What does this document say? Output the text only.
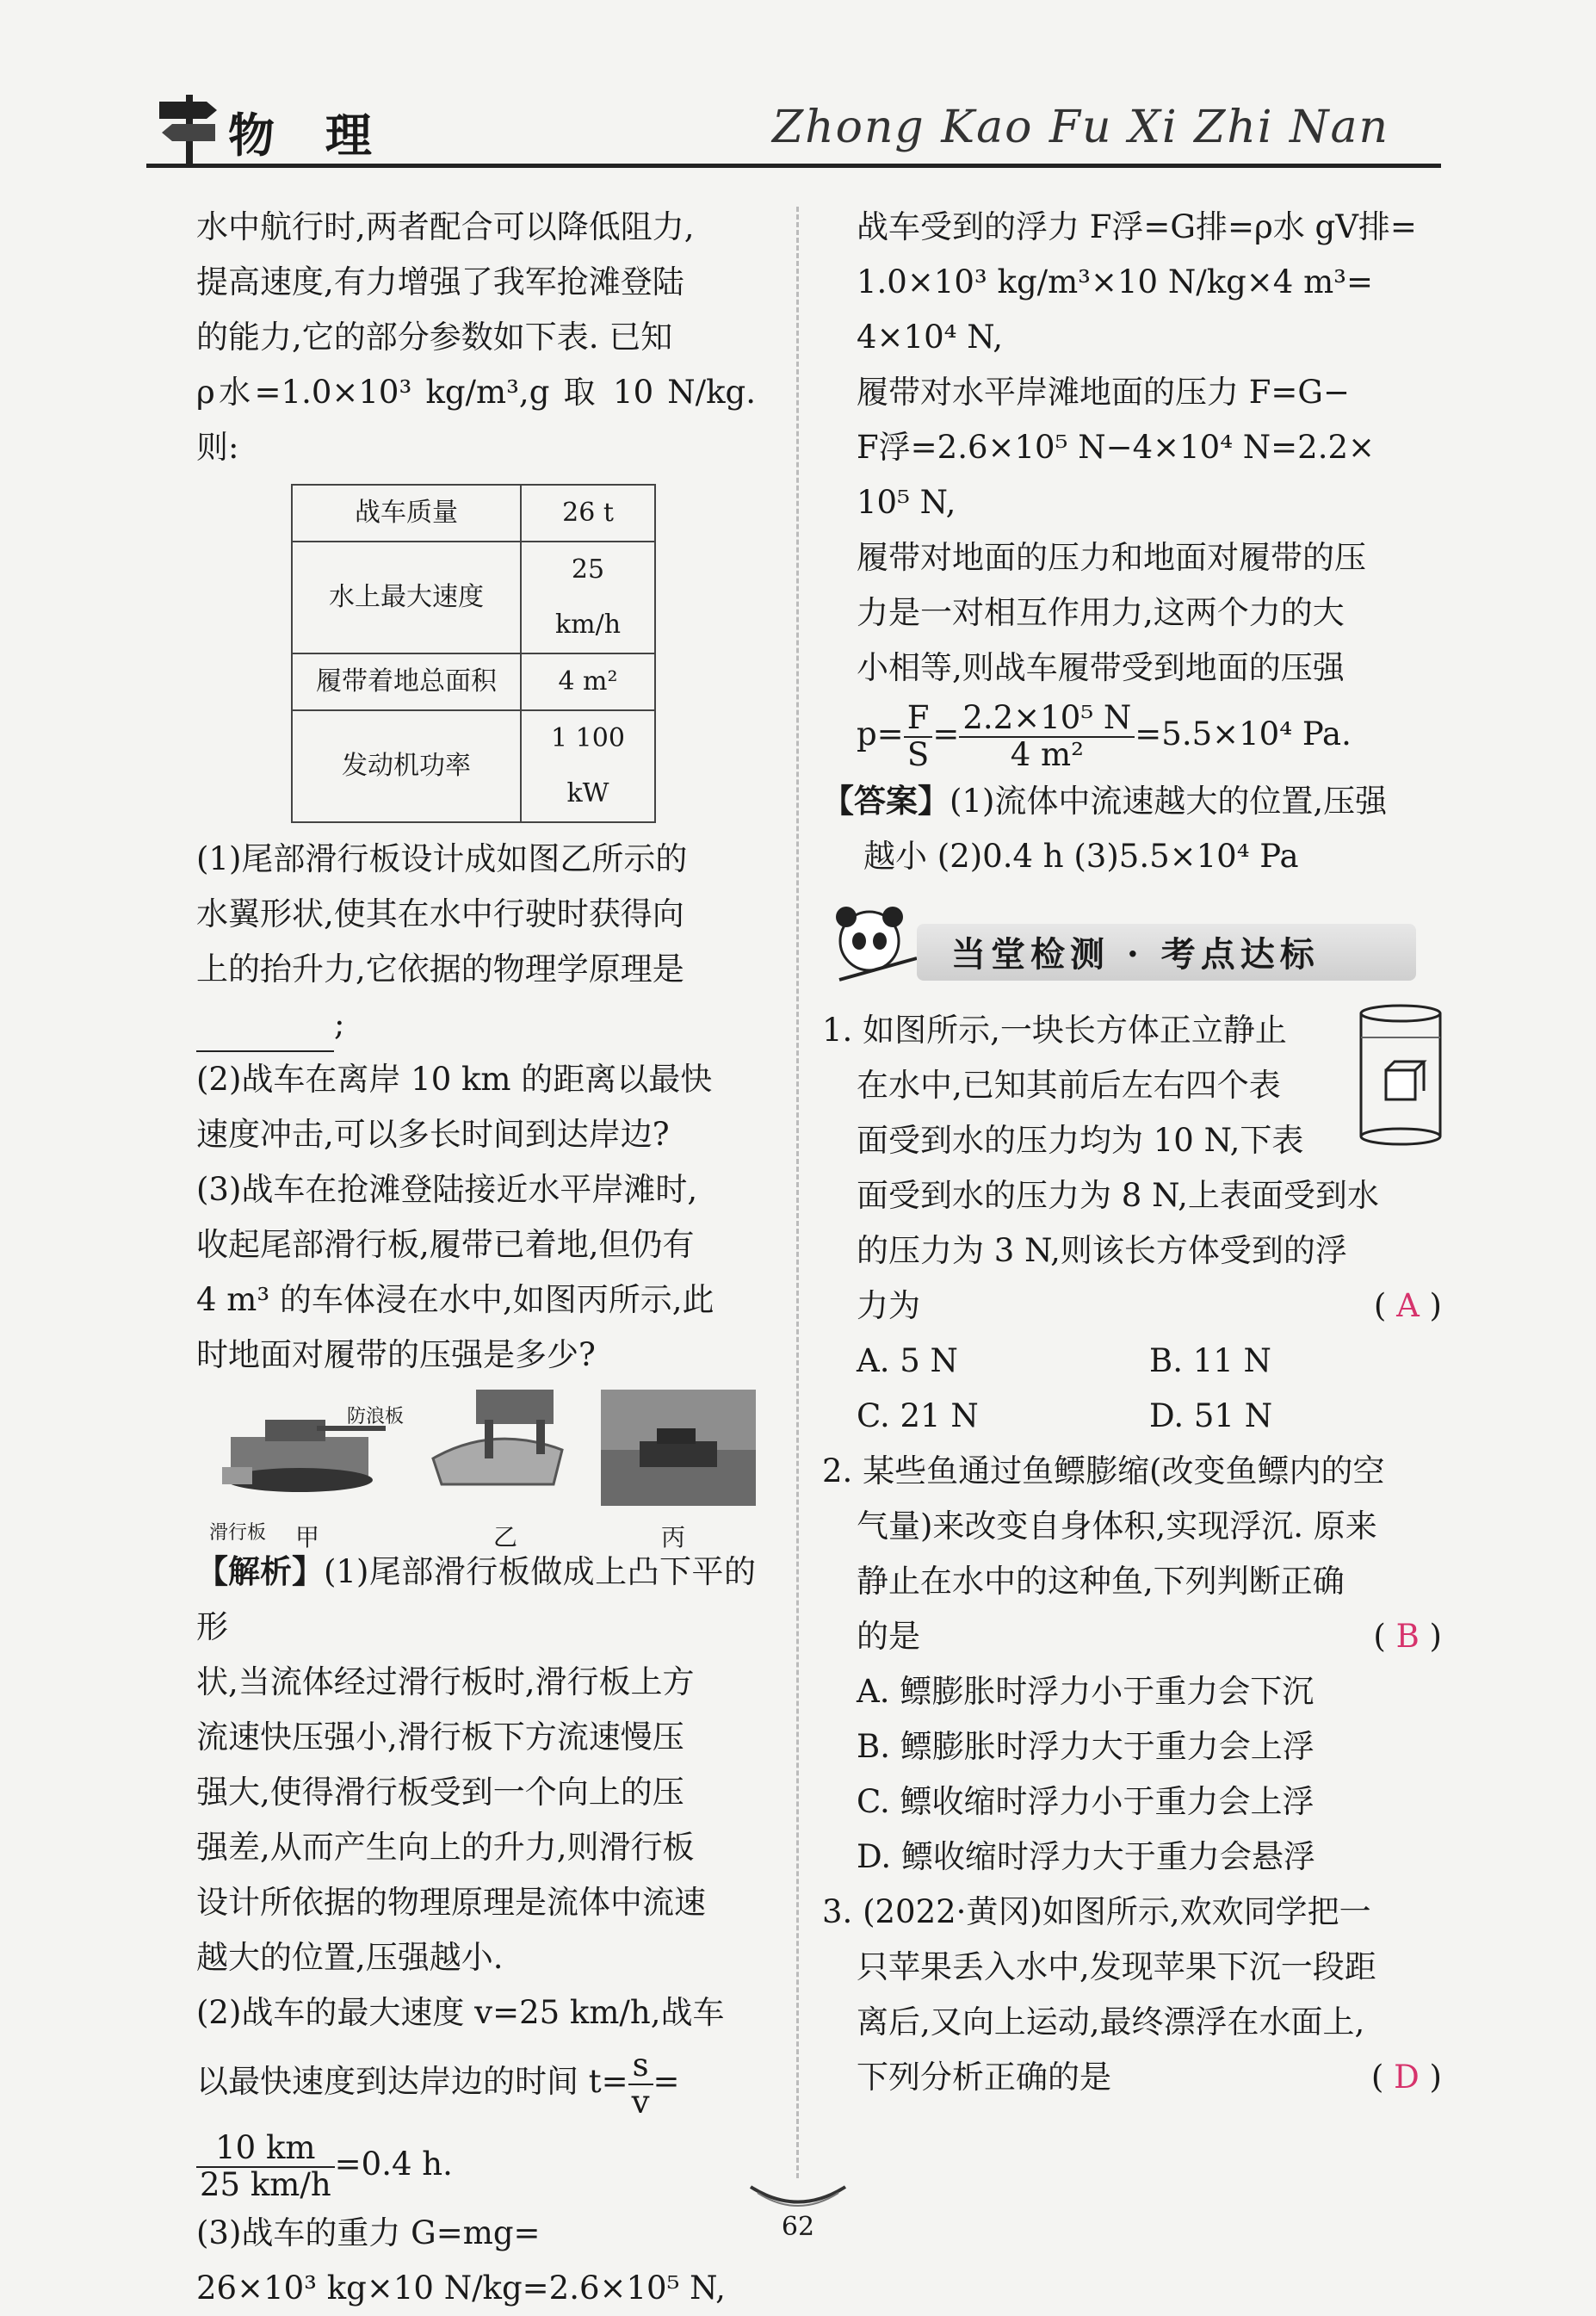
物 理	Zhong Kao Fu Xi Zhi Nan

水中航行时,两者配合可以降低阻力,

提高速度,有力增强了我军抢滩登陆

的能力,它的部分参数如下表. 已知

ρ水=1.0×10³ kg/m³,g 取 10 N/kg. 则:

战车质量	26 t
水上最大速度	25 km/h
履带着地总面积	4 m²
发动机功率	1 100 kW

(1)尾部滑行板设计成如图乙所示的

水翼形状,使其在水中行驶时获得向

上的抬升力,它依据的物理学原理是

;

(2)战车在离岸 10 km 的距离以最快

速度冲击,可以多长时间到达岸边?

(3)战车在抢滩登陆接近水平岸滩时,

收起尾部滑行板,履带已着地,但仍有

4 m³ 的车体浸在水中,如图丙所示,此

时地面对履带的压强是多少?

防浪板
滑行板 甲	乙	丙

【 解析 】 (1)尾部滑行板做成上凸下平的形

状,当流体经过滑行板时,滑行板上方

流速快压强小,滑行板下方流速慢压

强大,使得滑行板受到一个向上的压

强差,从而产生向上的升力,则滑行板

设计所依据的物理原理是流体中流速

越大的位置,压强越小.

(2)战车的最大速度 v=25 km/h,战车

以最快速度到达岸边的时间 $t= \frac{s}{v}$ =

$\frac{10 km}{25 km/h} =0.4$ h.

(3)战车的重力 G=mg=

26×10³ kg×10 N/kg=2.6×10⁵ N,

战车受到的浮力 F浮=G排=ρ水 gV排=

1.0×10³ kg/m³×10 N/kg×4 m³=

4×10⁴ N,

履带对水平岸滩地面的压力 F=G−

F浮=2.6×10⁵ N−4×10⁴ N=2.2×

10⁵ N,

履带对地面的压力和地面对履带的压

力是一对相互作用力,这两个力的大

小相等,则战车履带受到地面的压强

$p= \frac{F}{S} = \frac{\text{2.2×10⁵ N}}{\text{4 m²}} =5.5\times 10^4$ Pa.

【 答案 】 (1)流体中流速越大的位置,压强

越小 (2)0.4 h (3)5.5×10⁴ Pa

当堂检测 · 考点达标

1. 如图所示,一块长方体正立静止

在水中,已知其前后左右四个表

面受到水的压力均为 10 N,下表

面受到水的压力为 8 N,上表面受到水

的压力为 3 N,则该长方体受到的浮

力为	( A )

A. 5 N	B. 11 N
C. 21 N	D. 51 N

2. 某些鱼通过鱼鳔膨缩(改变鱼鳔内的空

气量)来改变自身体积,实现浮沉. 原来

静止在水中的这种鱼,下列判断正确

的是	( B )

A. 鳔膨胀时浮力小于重力会下沉

B. 鳔膨胀时浮力大于重力会上浮

C. 鳔收缩时浮力小于重力会上浮

D. 鳔收缩时浮力大于重力会悬浮

3. (2022·黄冈)如图所示,欢欢同学把一

只苹果丢入水中,发现苹果下沉一段距

离后,又向上运动,最终漂浮在水面上,

下列分析正确的是	( D )

62
